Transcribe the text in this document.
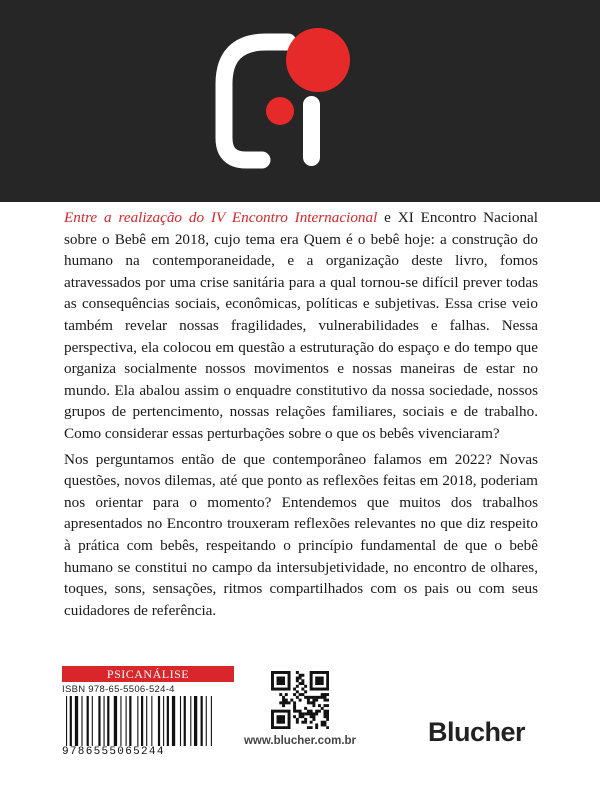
Entre a realização do IV Encontro Internacional e XI Encontro Nacional sobre o Bebê em 2018, cujo tema era Quem é o bebê hoje: a construção do humano na contemporaneidade, e a organização deste livro, fomos atravessados por uma crise sanitária para a qual tornou-se difícil prever todas as consequências sociais, econômicas, políticas e subjetivas. Essa crise veio também revelar nossas fragilidades, vulnerabilidades e falhas. Nessa perspectiva, ela colocou em questão a estruturação do espaço e do tempo que organiza socialmente nossos movimentos e nossas maneiras de estar no mundo. Ela abalou assim o enquadre constitutivo da nossa sociedade, nossos grupos de pertencimento, nossas relações familiares, sociais e de trabalho. Como considerar essas perturbações sobre o que os bebês vivenciaram?

Nos perguntamos então de que contemporâneo falamos em 2022? Novas questões, novos dilemas, até que ponto as reflexões feitas em 2018, poderiam nos orientar para o momento? Entendemos que muitos dos trabalhos apresentados no Encontro trouxeram reflexões relevantes no que diz respeito à prática com bebês, respeitando o princípio fundamental de que o bebê humano se constitui no campo da intersubjetividade, no encontro de olhares, toques, sons, sensações, ritmos compartilhados com os pais ou com seus cuidadores de referência.

PSICANÁLISE
ISBN 978-65-5506-524-4
9786555065244
www.blucher.com.br	Blucher
